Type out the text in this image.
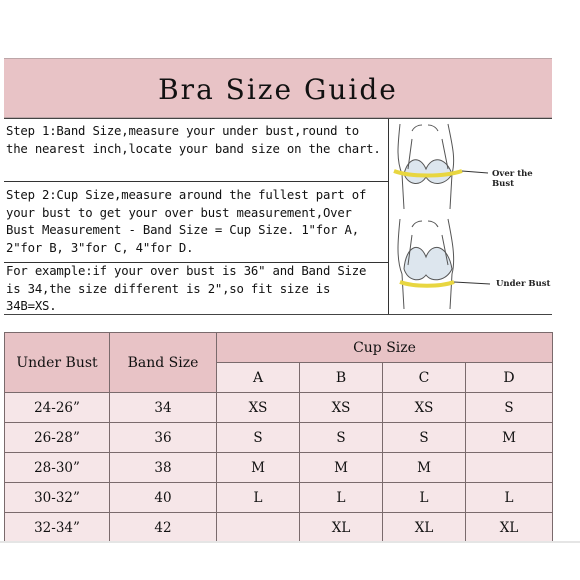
Bra Size Guide
Step 1:Band Size,measure your under bust,round to the nearest inch,locate your band size on the chart.
Step 2:Cup Size,measure around the fullest part of your bust to get your over bust measurement,Over Bust Measurement - Band Size = Cup Size. 1"for A, 2"for B, 3"for C, 4"for D.
For example:if your over bust is 36" and Band Size is 34,the size different is 2",so fit size is 34B=XS.
Over the Bust
Under Bust
Under Bust	Band Size	Cup Size			
		A	B	C	D
24-26”	34	XS	XS	XS	S
26-28”	36	S	S	S	M
28-30”	38	M	M	M	
30-32”	40	L	L	L	L
32-34”	42		XL	XL	XL
